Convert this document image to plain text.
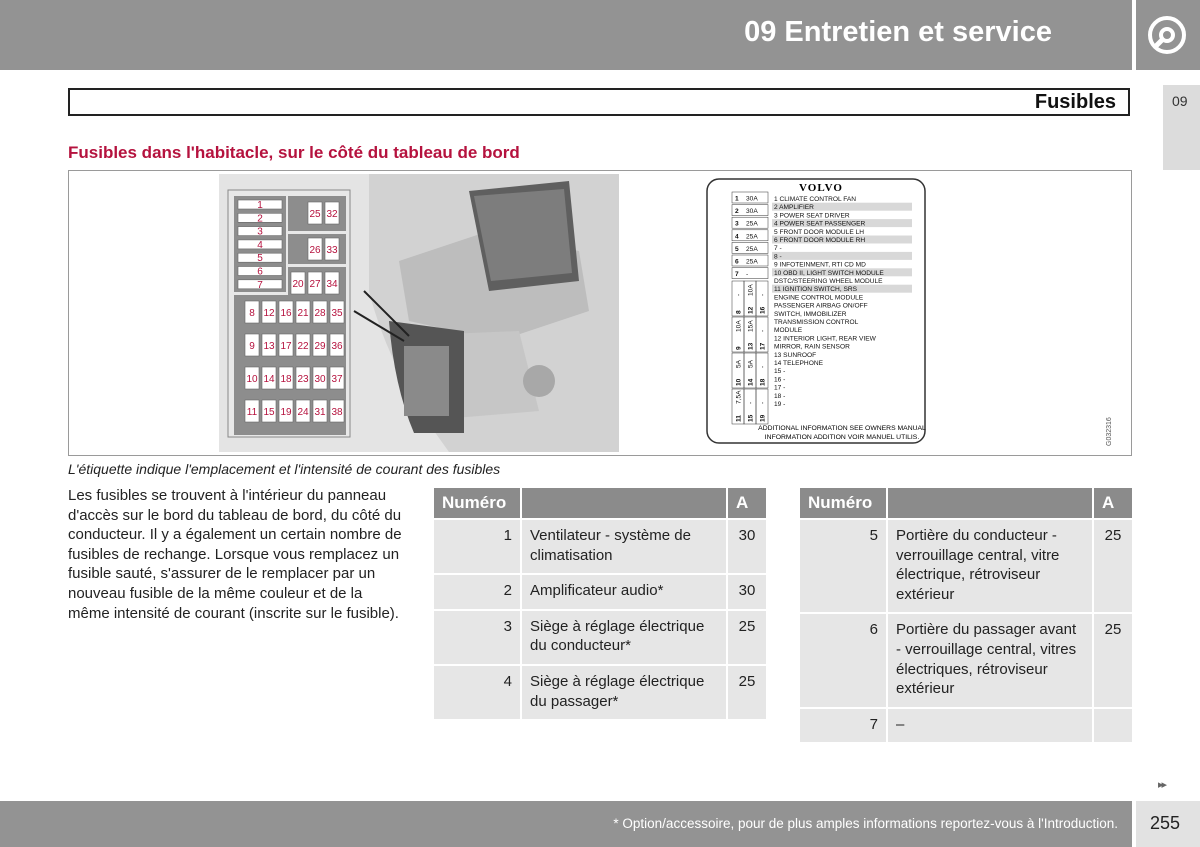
09 Entretien et service
09
Fusibles
Fusibles dans l'habitacle, sur le côté du tableau de bord
1
2
3
4
5
6
7
25 32
26 33
20 27 34
8 12 16 21 28 35
9 13 17 22 29 36
10 14 18 23 30 37
11 15 19 24 31 38
VOLVO
1 30A
2 30A
3 25A
4 25A
5 25A
6 25A
7 -
8
-
12
10A
16
-
9
10A
13
15A
17
-
10
5A
14
5A
18
-
11
7,5A
15
-
19
-
1 CLIMATE CONTROL FAN
2 AMPLIFIER
3 POWER SEAT DRIVER
4 POWER SEAT PASSENGER
5 FRONT DOOR MODULE LH
6 FRONT DOOR MODULE RH
7 -
8 -
9 INFOTEINMENT, RTI CD MD
10 OBD II, LIGHT SWITCH MODULE
DSTC/STEERING WHEEL MODULE
11 IGNITION SWITCH, SRS
ENGINE CONTROL MODULE
PASSENGER AIRBAG ON/OFF
SWITCH, IMMOBILIZER
TRANSMISSION CONTROL
MODULE
12 INTERIOR LIGHT, REAR VIEW
MIRROR, RAIN SENSOR
13 SUNROOF
14 TELEPHONE
15 -
16 -
17 -
18 -
19 -
ADDITIONAL INFORMATION SEE OWNERS MANUAL
INFORMATION ADDITION VOIR MANUEL UTILIS.	G032316
L'étiquette indique l'emplacement et l'intensité de courant des fusibles
Les fusibles se trouvent à l'intérieur du panneau d'accès sur le bord du tableau de bord, du côté du conducteur. Il y a également un certain nombre de fusibles de rechange. Lorsque vous remplacez un fusible sauté, s'assurer de le remplacer par un nouveau fusible de la même couleur et de la même intensité de courant (inscrite sur le fusible).
Numéro		A
1	Ventilateur - système de climatisation	30
2	Amplificateur audio*	30
3	Siège à réglage électrique du conducteur*	25
4	Siège à réglage électrique du passager*	25
Numéro		A
5	Portière du conducteur - verrouillage central, vitre électrique, rétroviseur extérieur	25
6	Portière du passager avant - verrouillage central, vitres électriques, rétroviseur extérieur	25
7	–	
▸▸
* Option/accessoire, pour de plus amples informations reportez-vous à l'Introduction. 255
